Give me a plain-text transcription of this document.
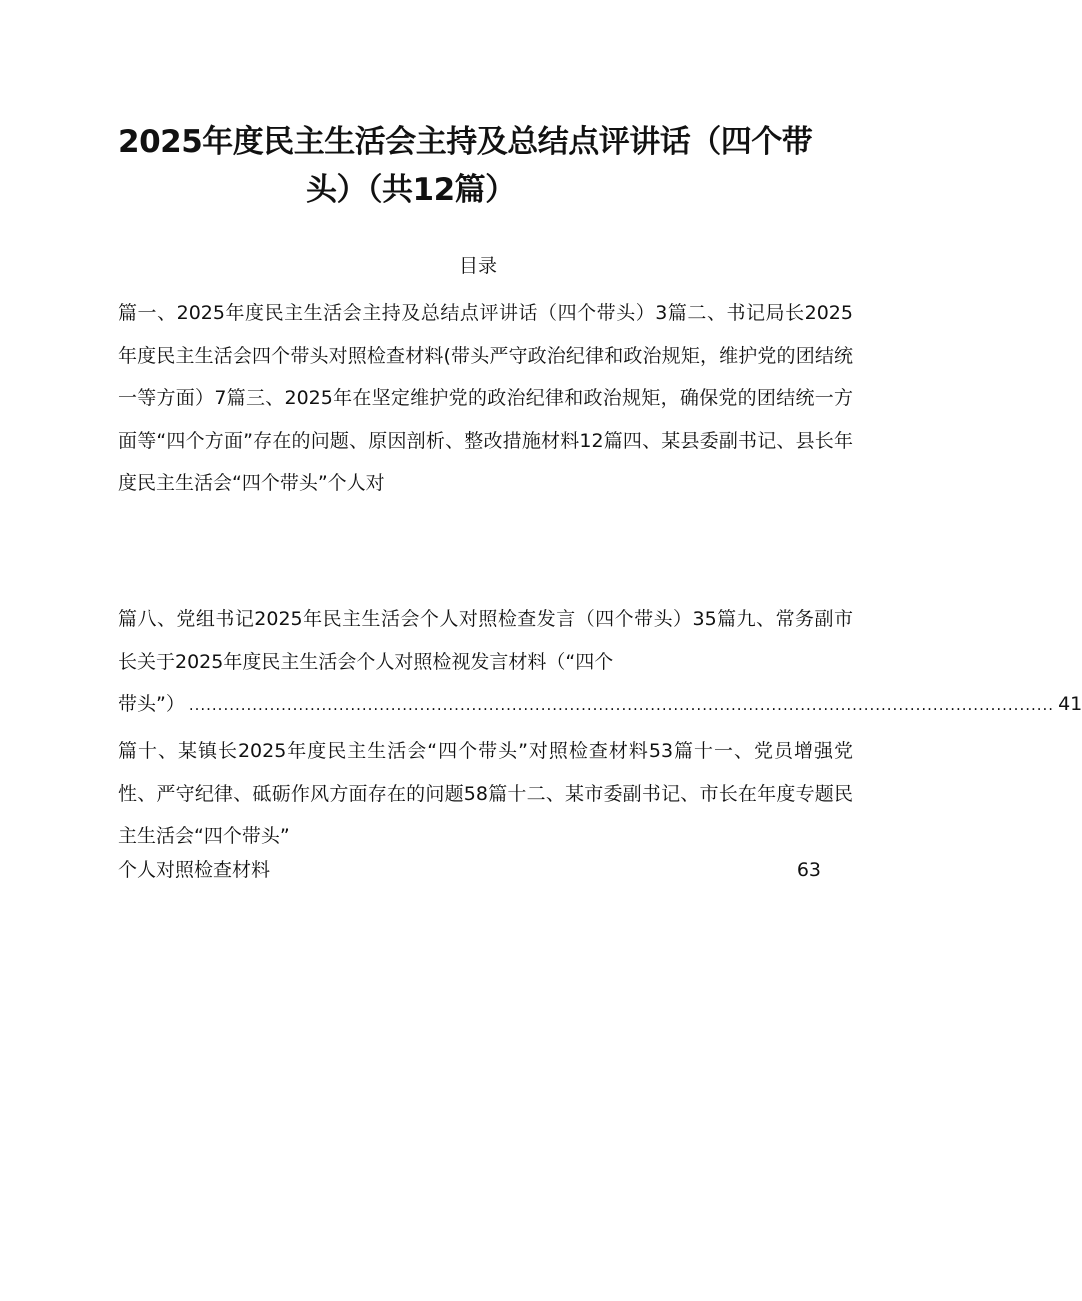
2025年度民主生活会主持及总结点评讲话（四个带
头）（共12篇）
目录
篇一、2025年度民主生活会主持及总结点评讲话（四个带头）3篇二、书记局长2025年度民主生活会四个带头对照检查材料(带头严守政治纪律和政治规矩，维护党的团结统一等方面）7篇三、2025年在坚定维护党的政治纪律和政治规矩，确保党的团结统一方面等“四个方面”存在的问题、原因剖析、整改措施材料12篇四、某县委副书记、县长年度民主生活会“四个带头”个人对
篇八、党组书记2025年民主生活会个人对照检查发言（四个带头）35篇九、常务副市长关于2025年度民主生活会个人对照检视发言材料（“四个
带头”） ...................................................................................................................................................... 41
篇十、某镇长2025年度民主生活会“四个带头”对照检查材料53篇十一、党员增强党性、严守纪律、砥砺作风方面存在的问题58篇十二、某市委副书记、市长在年度专题民主生活会“四个带头”
个人对照检查材料	63
